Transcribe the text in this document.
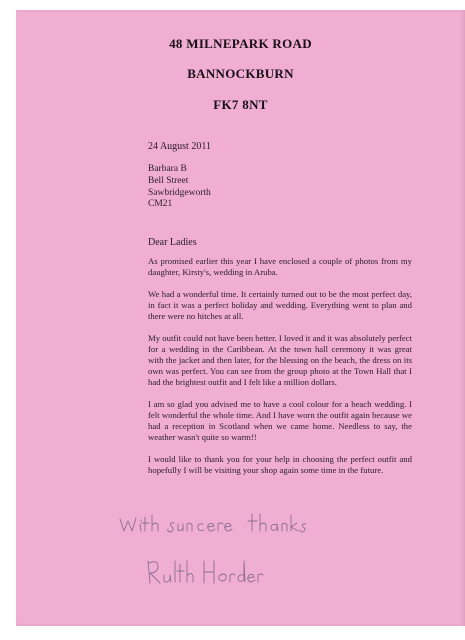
48 MILNEPARK ROAD
BANNOCKBURN
FK7 8NT
24 August 2011
Barbara B
Bell Street
Sawbridgeworth
CM21
Dear Ladies

As promised earlier this year I have enclosed a couple of photos from my daughter, Kirsty's, wedding in Aruba.

We had a wonderful time. It certainly turned out to be the most perfect day, in fact it was a perfect holiday and wedding. Everything went to plan and there were no hitches at all.

My outfit could not have been better. I loved it and it was absolutely perfect for a wedding in the Caribbean. At the town hall ceremony it was great with the jacket and then later, for the blessing on the beach, the dress on its own was perfect. You can see from the group photo at the Town Hall that I had the brightest outfit and I felt like a million dollars.

I am so glad you advised me to have a cool colour for a beach wedding. I felt wonderful the whole time. And I have worn the outfit again because we had a reception in Scotland when we came home. Needless to say, the weather wasn't quite so warm!!

I would like to thank you for your help in choosing the perfect outfit and hopefully I will be visiting your shop again some time in the future.
